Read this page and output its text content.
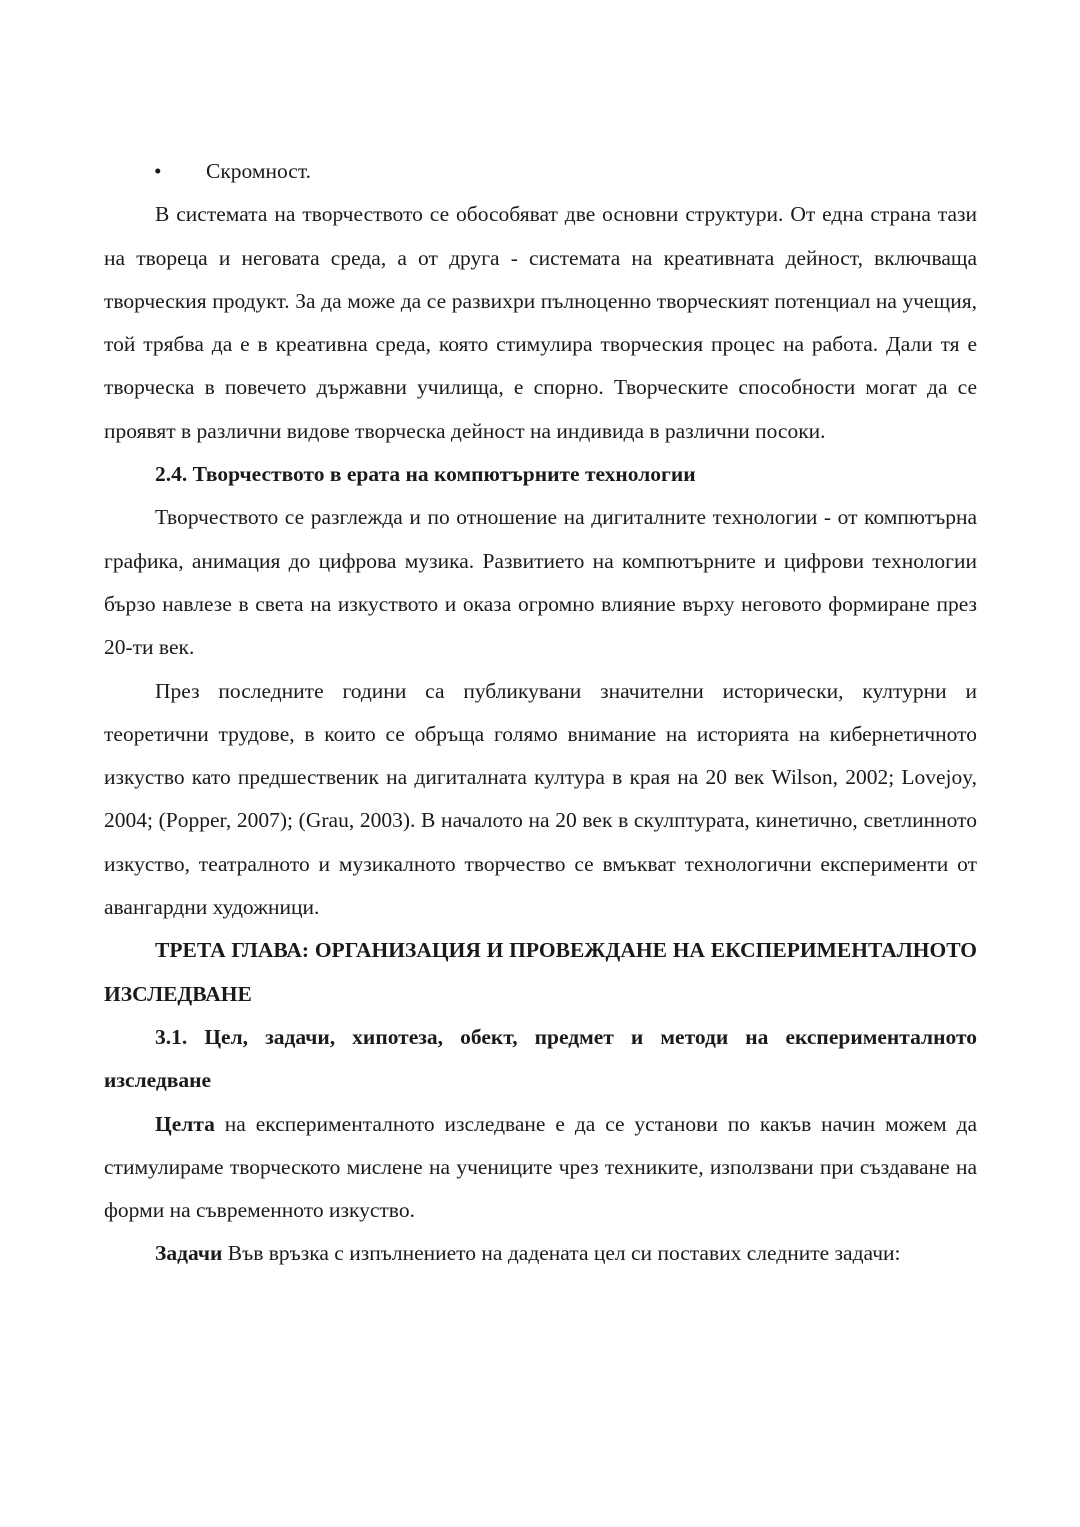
• Скромност.

В системата на творчеството се обособяват две основни структури. От една страна тази на твореца и неговата среда, а от друга - системата на креативната дейност, включваща творческия продукт. За да може да се развихри пълноценно творческият потенциал на учещия, той трябва да е в креативна среда, която стимулира творческия процес на работа. Дали тя е творческа в повечето държавни училища, е спорно. Творческите способности могат да се проявят в различни видове творческа дейност на индивида в различни посоки.

2.4. Творчеството в ерата на компютърните технологии

Творчеството се разглежда и по отношение на дигиталните технологии - от компютърна графика, анимация до цифрова музика. Развитието на компютърните и цифрови технологии бързо навлезе в света на изкуството и оказа огромно влияние върху неговото формиране през 20-ти век.

През последните години са публикувани значителни исторически, културни и теоретични трудове, в които се обръща голямо внимание на историята на кибернетичното изкуство като предшественик на дигиталната култура в края на 20 век Wilson, 2002; Lovejoy, 2004; (Popper, 2007); (Grau, 2003). В началото на 20 век в скулптурата, кинетично, светлинното изкуство, театралното и музикалното творчество се вмъкват технологични експерименти от авангардни художници.

ТРЕТА ГЛАВА: ОРГАНИЗАЦИЯ И ПРОВЕЖДАНЕ НА ЕКСПЕРИМЕНТАЛНОТО ИЗСЛЕДВАНЕ
3.1. Цел, задачи, хипотеза, обект, предмет и методи на експерименталното изследване

Целта на експерименталното изследване е да се установи по какъв начин можем да стимулираме творческото мислене на учениците чрез техниките, използвани при създаване на форми на съвременното изкуство.

Задачи Във връзка с изпълнението на дадената цел си поставих следните задачи:
